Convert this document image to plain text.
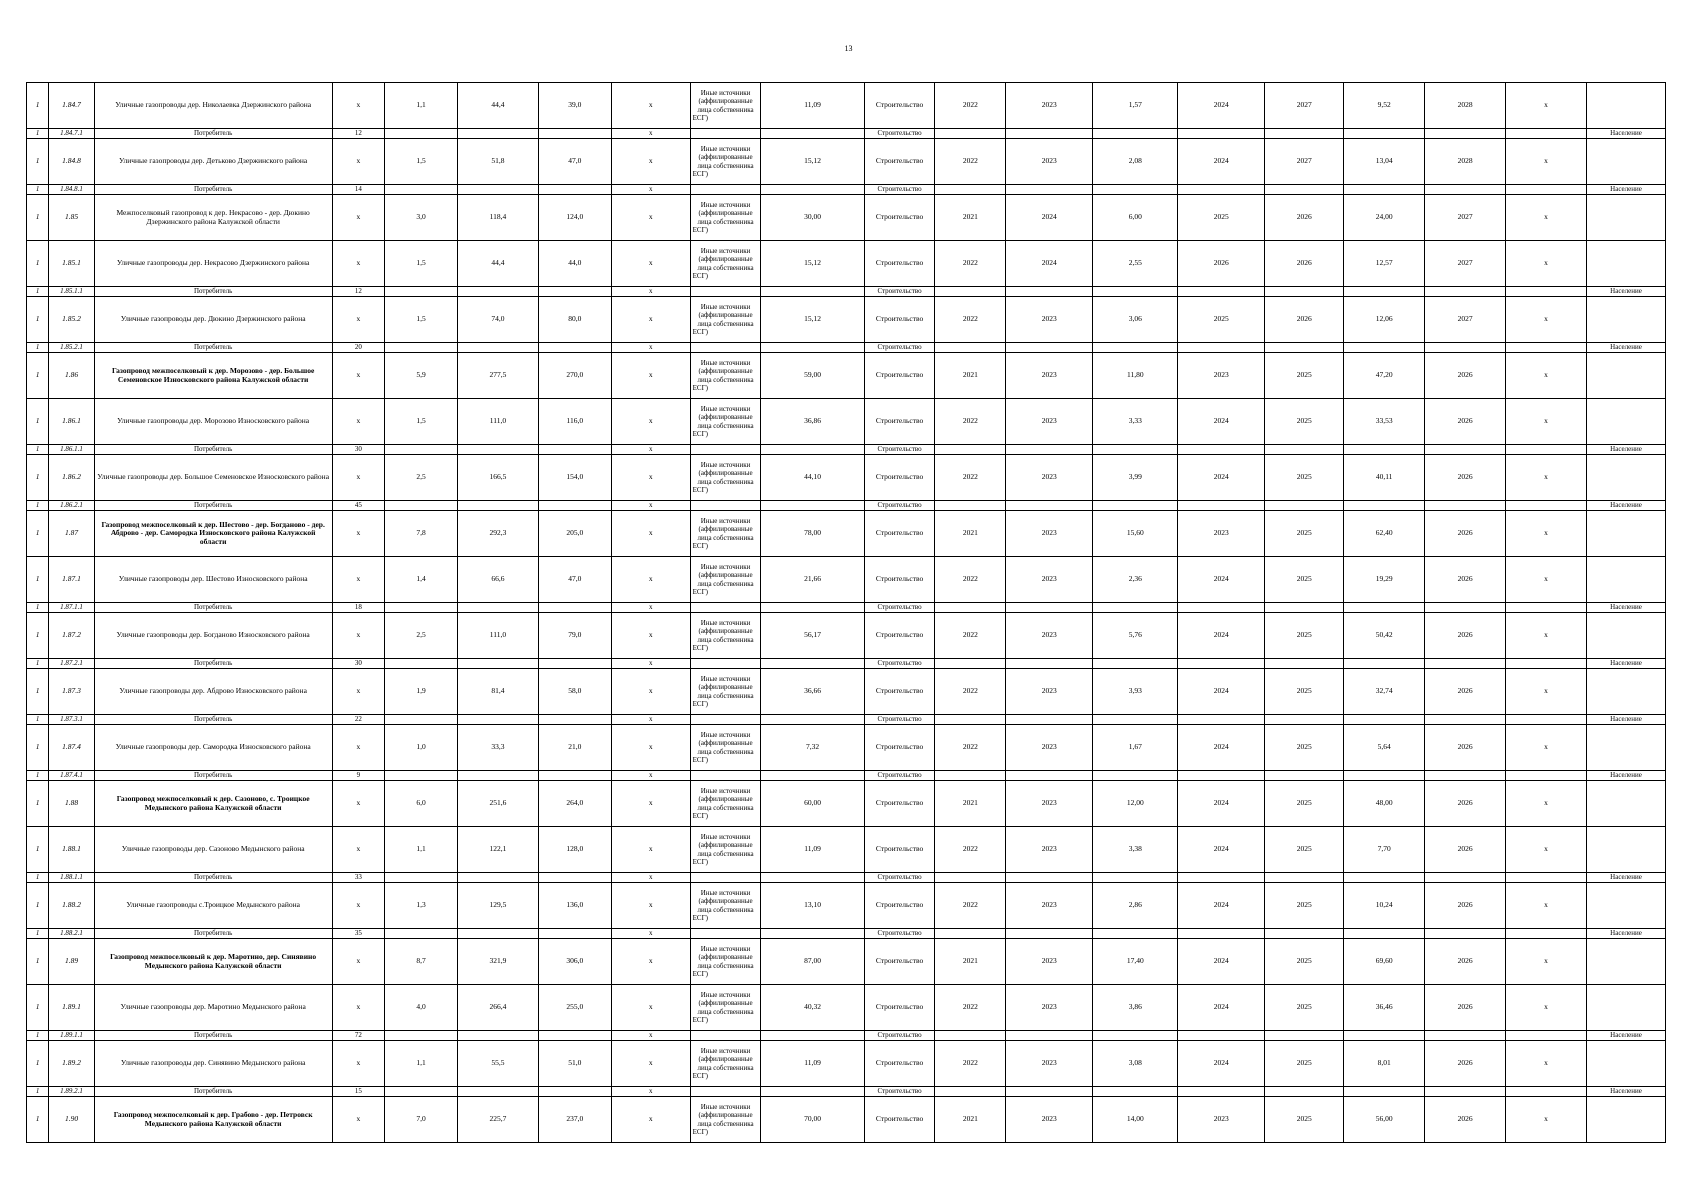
13
1	1.84.7	Уличные газопроводы дер. Николаевка Дзержинского района	x	1,1	44,4	39,0	x	Иные источники (аффилированные лица собственника ЕСГ)	11,09	Строительство	2022	2023	1,57	2024	2027	9,52	2028	x	
1	1.84.7.1	Потребитель	12				x			Строительство									Население
1	1.84.8	Уличные газопроводы дер. Детьково Дзержинского района	x	1,5	51,8	47,0	x	Иные источники (аффилированные лица собственника ЕСГ)	15,12	Строительство	2022	2023	2,08	2024	2027	13,04	2028	x	
1	1.84.8.1	Потребитель	14				x			Строительство									Население
1	1.85	Межпоселковый газопровод к дер. Некрасово - дер. Дюкино Дзержинского района Калужской области	x	3,0	118,4	124,0	x	Иные источники (аффилированные лица собственника ЕСГ)	30,00	Строительство	2021	2024	6,00	2025	2026	24,00	2027	x	
1	1.85.1	Уличные газопроводы дер. Некрасово Дзержинского района	x	1,5	44,4	44,0	x	Иные источники (аффилированные лица собственника ЕСГ)	15,12	Строительство	2022	2024	2,55	2026	2026	12,57	2027	x	
1	1.85.1.1	Потребитель	12				x			Строительство									Население
1	1.85.2	Уличные газопроводы дер. Дюкино Дзержинского района	x	1,5	74,0	80,0	x	Иные источники (аффилированные лица собственника ЕСГ)	15,12	Строительство	2022	2023	3,06	2025	2026	12,06	2027	x	
1	1.85.2.1	Потребитель	20				x			Строительство									Население
1	1.86	Газопровод межпоселковый к дер. Морозово - дер. Большое Семеновское Износковского района Калужской области	x	5,9	277,5	270,0	x	Иные источники (аффилированные лица собственника ЕСГ)	59,00	Строительство	2021	2023	11,80	2023	2025	47,20	2026	x	
1	1.86.1	Уличные газопроводы дер. Морозово Износковского района	x	1,5	111,0	116,0	x	Иные источники (аффилированные лица собственника ЕСГ)	36,86	Строительство	2022	2023	3,33	2024	2025	33,53	2026	x	
1	1.86.1.1	Потребитель	30				x			Строительство									Население
1	1.86.2	Уличные газопроводы дер. Большое Семеновское Износковского района	x	2,5	166,5	154,0	x	Иные источники (аффилированные лица собственника ЕСГ)	44,10	Строительство	2022	2023	3,99	2024	2025	40,11	2026	x	
1	1.86.2.1	Потребитель	45				x			Строительство									Население
1	1.87	Газопровод межпоселковый к дер. Шестово - дер. Богданово - дер. Абдрово - дер. Самородка Износковского района Калужской области	x	7,8	292,3	205,0	x	Иные источники (аффилированные лица собственника ЕСГ)	78,00	Строительство	2021	2023	15,60	2023	2025	62,40	2026	x	
1	1.87.1	Уличные газопроводы дер. Шестово Износковского района	x	1,4	66,6	47,0	x	Иные источники (аффилированные лица собственника ЕСГ)	21,66	Строительство	2022	2023	2,36	2024	2025	19,29	2026	x	
1	1.87.1.1	Потребитель	18				x			Строительство									Население
1	1.87.2	Уличные газопроводы дер. Богданово Износковского района	x	2,5	111,0	79,0	x	Иные источники (аффилированные лица собственника ЕСГ)	56,17	Строительство	2022	2023	5,76	2024	2025	50,42	2026	x	
1	1.87.2.1	Потребитель	30				x			Строительство									Население
1	1.87.3	Уличные газопроводы дер. Абдрово Износковского района	x	1,9	81,4	58,0	x	Иные источники (аффилированные лица собственника ЕСГ)	36,66	Строительство	2022	2023	3,93	2024	2025	32,74	2026	x	
1	1.87.3.1	Потребитель	22				x			Строительство									Население
1	1.87.4	Уличные газопроводы дер. Самородка Износковского района	x	1,0	33,3	21,0	x	Иные источники (аффилированные лица собственника ЕСГ)	7,32	Строительство	2022	2023	1,67	2024	2025	5,64	2026	x	
1	1.87.4.1	Потребитель	9				x			Строительство									Население
1	1.88	Газопровод межпоселковый к дер. Сазоново, с. Троицкое Медынского района Калужской области	x	6,0	251,6	264,0	x	Иные источники (аффилированные лица собственника ЕСГ)	60,00	Строительство	2021	2023	12,00	2024	2025	48,00	2026	x	
1	1.88.1	Уличные газопроводы дер. Сазоново Медынского района	x	1,1	122,1	128,0	x	Иные источники (аффилированные лица собственника ЕСГ)	11,09	Строительство	2022	2023	3,38	2024	2025	7,70	2026	x	
1	1.88.1.1	Потребитель	33				x			Строительство									Население
1	1.88.2	Уличные газопроводы с.Троицкое Медынского района	x	1,3	129,5	136,0	x	Иные источники (аффилированные лица собственника ЕСГ)	13,10	Строительство	2022	2023	2,86	2024	2025	10,24	2026	x	
1	1.88.2.1	Потребитель	35				x			Строительство									Население
1	1.89	Газопровод межпоселковый к дер. Маротино, дер. Синявино Медынского района Калужской области	x	8,7	321,9	306,0	x	Иные источники (аффилированные лица собственника ЕСГ)	87,00	Строительство	2021	2023	17,40	2024	2025	69,60	2026	x	
1	1.89.1	Уличные газопроводы дер. Маротино Медынского района	x	4,0	266,4	255,0	x	Иные источники (аффилированные лица собственника ЕСГ)	40,32	Строительство	2022	2023	3,86	2024	2025	36,46	2026	x	
1	1.89.1.1	Потребитель	72				x			Строительство									Население
1	1.89.2	Уличные газопроводы дер. Синявино Медынского района	x	1,1	55,5	51,0	x	Иные источники (аффилированные лица собственника ЕСГ)	11,09	Строительство	2022	2023	3,08	2024	2025	8,01	2026	x	
1	1.89.2.1	Потребитель	15				x			Строительство									Население
1	1.90	Газопровод межпоселковый к дер. Грабово - дер. Петровск Медынского района Калужской области	x	7,0	225,7	237,0	x	Иные источники (аффилированные лица собственника ЕСГ)	70,00	Строительство	2021	2023	14,00	2023	2025	56,00	2026	x	
